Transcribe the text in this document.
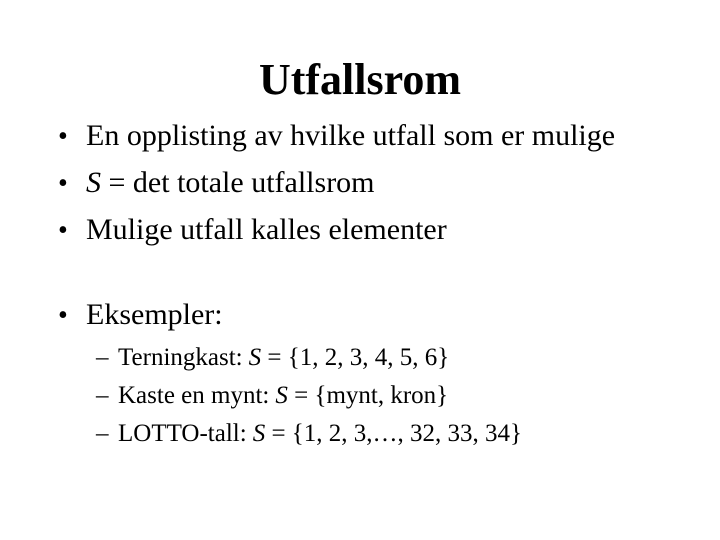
Utfallsrom
• En opplisting av hvilke utfall som er mulige
• S = det totale utfallsrom
• Mulige utfall kalles elementer
• Eksempler:
– Terningkast: S = {1, 2, 3, 4, 5, 6}
– Kaste en mynt: S = {mynt, kron}
– LOTTO-tall: S = {1, 2, 3,…, 32, 33, 34}
